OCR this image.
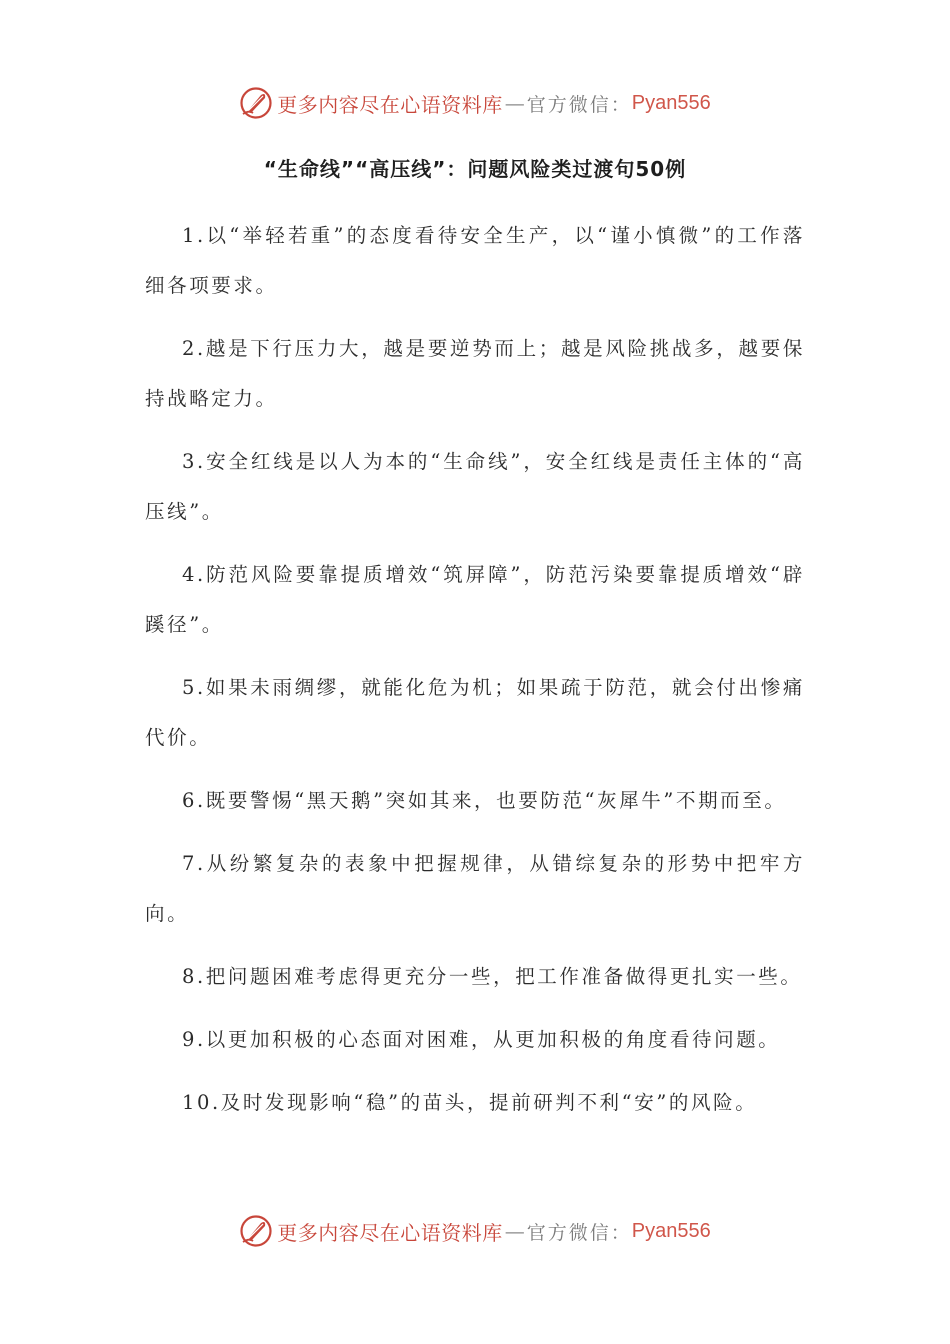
更多内容尽在心语资料库 — 官方微信： Pyan556
“生命线”“高压线”：问题风险类过渡句50例

1.以“举轻若重”的态度看待安全生产，以“谨小慎微”的工作落细各项要求。

2.越是下行压力大，越是要逆势而上；越是风险挑战多，越要保持战略定力。

3.安全红线是以人为本的“生命线”，安全红线是责任主体的“高压线”。

4.防范风险要靠提质增效“筑屏障”，防范污染要靠提质增效“辟蹊径”。

5.如果未雨绸缪，就能化危为机；如果疏于防范，就会付出惨痛代价。

6.既要警惕“黑天鹅”突如其来，也要防范“灰犀牛”不期而至。

7.从纷繁复杂的表象中把握规律，从错综复杂的形势中把牢方向。

8.把问题困难考虑得更充分一些，把工作准备做得更扎实一些。

9.以更加积极的心态面对困难，从更加积极的角度看待问题。

10.及时发现影响“稳”的苗头，提前研判不利“安”的风险。

更多内容尽在心语资料库 — 官方微信： Pyan556
